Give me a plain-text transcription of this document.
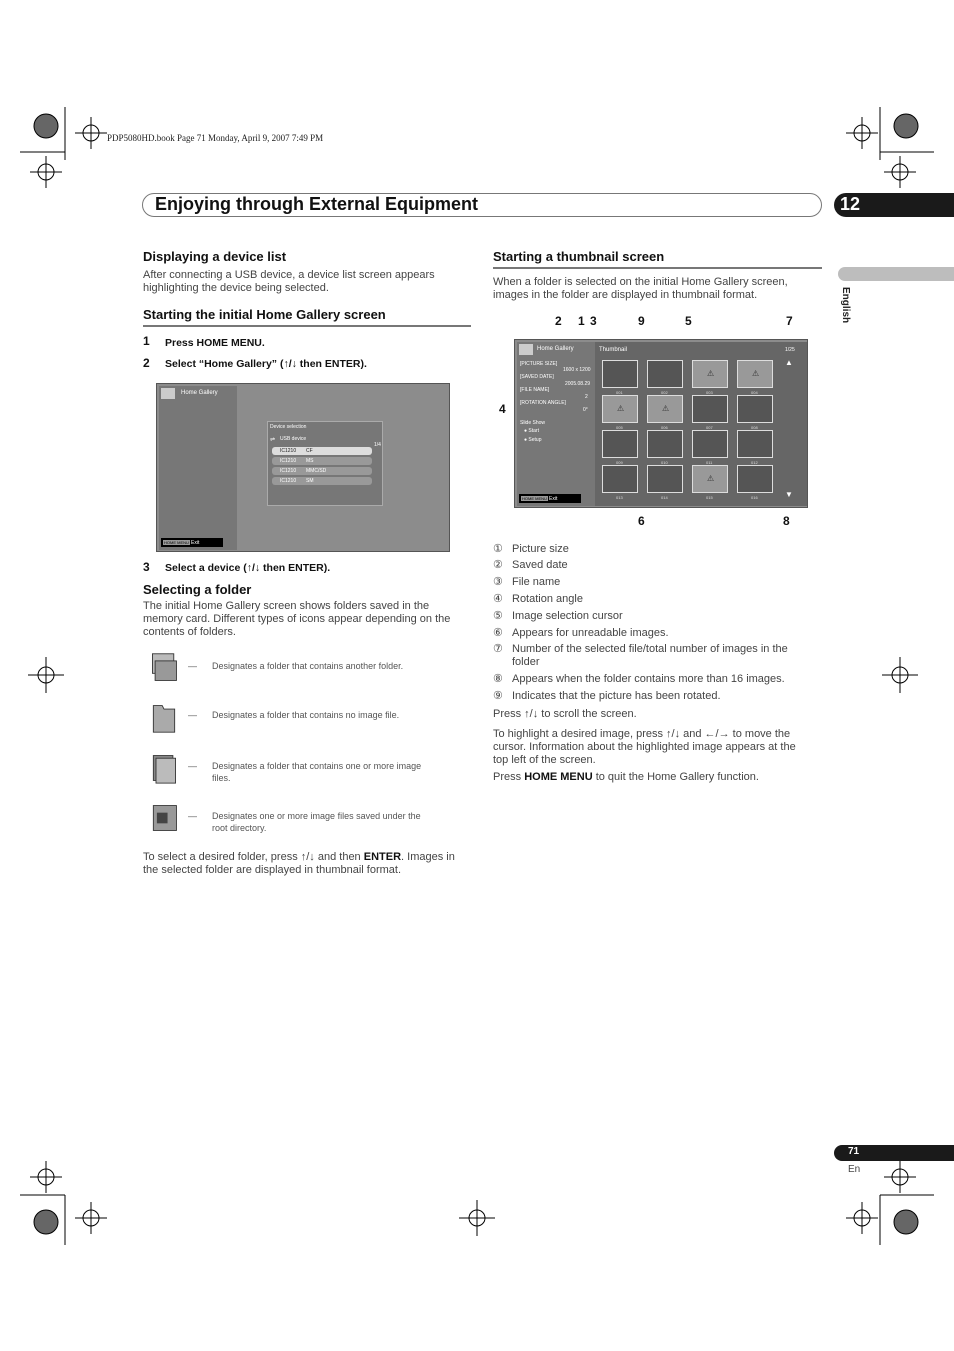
PDP5080HD.book Page 71 Monday, April 9, 2007 7:49 PM
Enjoying through External Equipment	12
English
Displaying a device list

After connecting a USB device, a device list screen appears

highlighting the device being selected.

Starting the initial Home Gallery screen
1 Press HOME MENU.
2 Select “Home Gallery” (↑/↓ then ENTER).
Home Gallery
Device selection
⇌ USB device
1/4
IC1210 CF
IC1210 MS
IC1210 MMC/SD
IC1210 SM
HOME MENU Exit
3 Select a device (↑/↓ then ENTER).
Selecting a folder

The initial Home Gallery screen shows folders saved in the

memory card. Different types of icons appear depending on the

contents of folders.

— Designates a folder that contains another folder.
— Designates a folder that contains no image file.
— Designates a folder that contains one or more image
files.
— Designates one or more image files saved under the
root directory.

To select a desired folder, press ↑/↓ and then ENTER. Images in

the selected folder are displayed in thumbnail format.

Starting a thumbnail screen

When a folder is selected on the initial Home Gallery screen,

images in the folder are displayed in thumbnail format.

2 1 3	9	5	7
4
6	8
Home Gallery	Thumbnail	1/25
▲
▼
[PICTURE SIZE]
1600 x 1200
[SAVED DATE]
2005.08.29
[FILE NAME]
2
[ROTATION ANGLE]
0°
Slide Show
● Start
● Setup
HOME MENU Exit
001	002
⚠
003
⚠
004
⚠
005
⚠
006	007	008
009	010	011	012
013	014
⚠
015	016
① Picture size
② Saved date
③ File name
④ Rotation angle
⑤ Image selection cursor
⑥ Appears for unreadable images.
⑦ Number of the selected file/total number of images in the
folder
⑧ Appears when the folder contains more than 16 images.
⑨ Indicates that the picture has been rotated.

Press ↑/↓ to scroll the screen.

To highlight a desired image, press ↑/↓ and ←/→ to move the

cursor. Information about the highlighted image appears at the

top left of the screen.

Press HOME MENU to quit the Home Gallery function.

71
En
